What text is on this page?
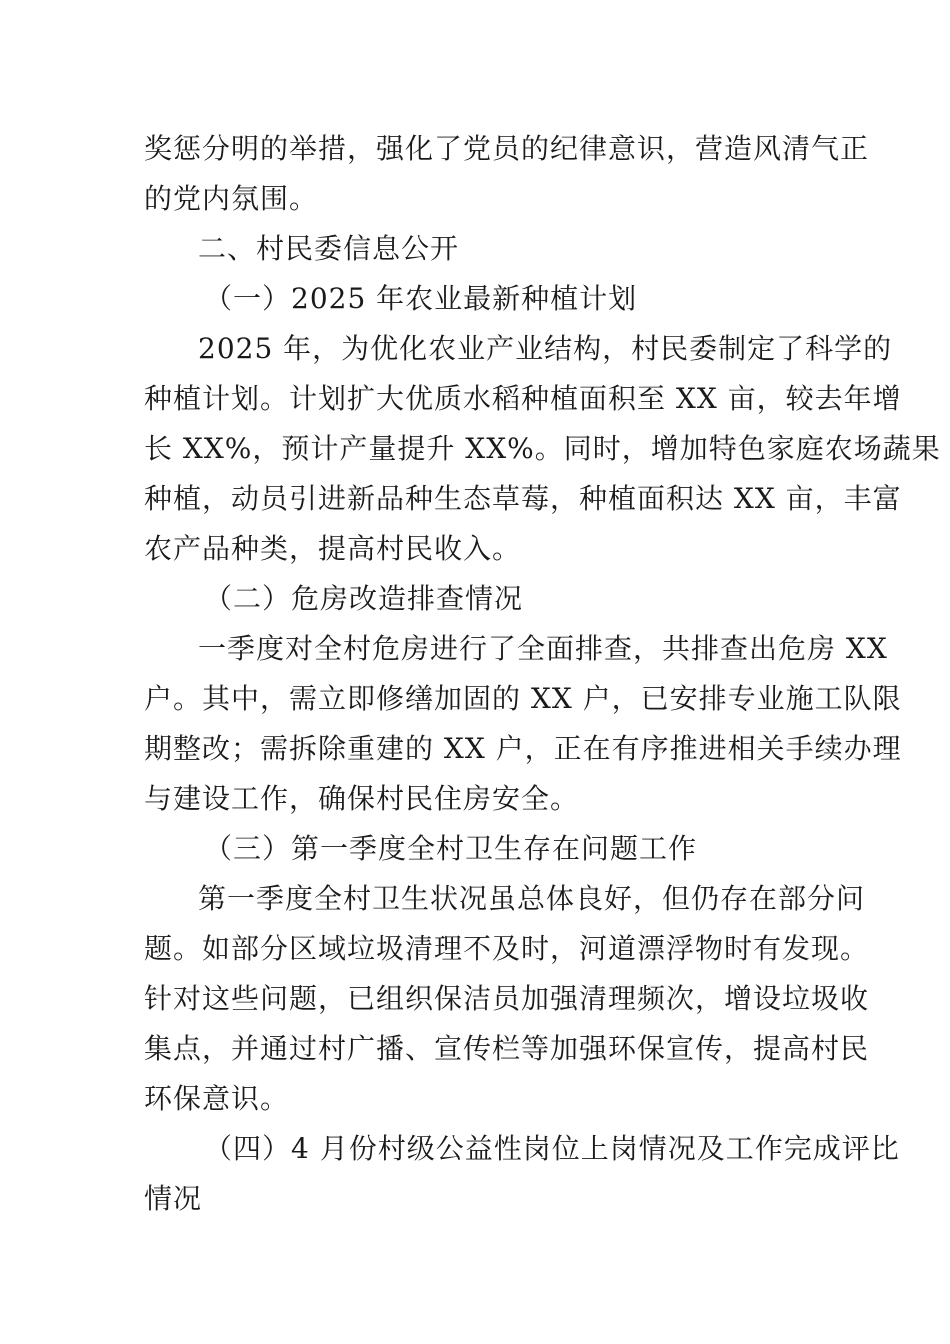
奖惩分明的举措，强化了党员的纪律意识，营造风清气正
的党内氛围。
二、村民委信息公开
（一）2025 年农业最新种植计划
2025 年，为优化农业产业结构，村民委制定了科学的
种植计划。计划扩大优质水稻种植面积至 XX 亩，较去年增
长 XX%，预计产量提升 XX%。同时，增加特色家庭农场蔬果
种植，动员引进新品种生态草莓，种植面积达 XX 亩，丰富
农产品种类，提高村民收入。
（二）危房改造排查情况
一季度对全村危房进行了全面排查，共排查出危房 XX
户。其中，需立即修缮加固的 XX 户，已安排专业施工队限
期整改；需拆除重建的 XX 户，正在有序推进相关手续办理
与建设工作，确保村民住房安全。
（三）第一季度全村卫生存在问题工作
第一季度全村卫生状况虽总体良好，但仍存在部分问
题。如部分区域垃圾清理不及时，河道漂浮物时有发现。
针对这些问题，已组织保洁员加强清理频次，增设垃圾收
集点，并通过村广播、宣传栏等加强环保宣传，提高村民
环保意识。
（四）4 月份村级公益性岗位上岗情况及工作完成评比
情况
